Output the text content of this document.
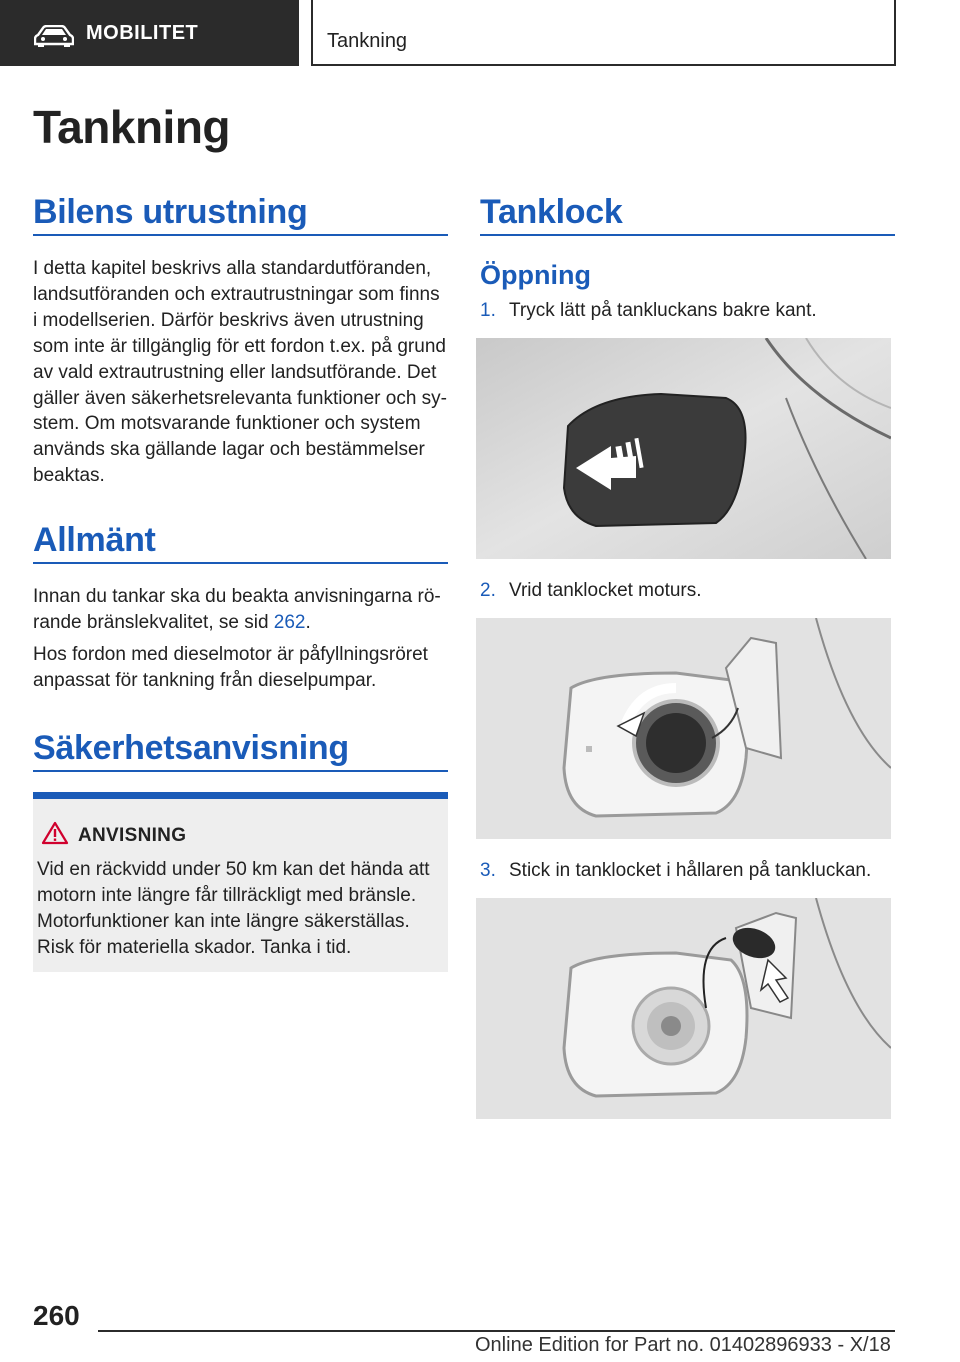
MOBILITET	Tankning
Tankning
Bilens utrustning
I detta kapitel beskrivs alla standardutföranden,
landsutföranden och extrautrustningar som finns
i modellserien. Därför beskrivs även utrustning
som inte är tillgänglig för ett fordon t.ex. på grund
av vald extrautrustning eller landsutförande. Det
gäller även säkerhetsrelevanta funktioner och sy‐
stem. Om motsvarande funktioner och system
används ska gällande lagar och bestämmelser
beaktas.
Allmänt
Innan du tankar ska du beakta anvisningarna rö‐
rande bränslekvalitet, se sid 262.
Hos fordon med dieselmotor är påfyllningsröret
anpassat för tankning från dieselpumpar.
Säkerhetsanvisning
ANVISNING
Vid en räckvidd under 50 km kan det hända att
motorn inte längre får tillräckligt med bränsle.
Motorfunktioner kan inte längre säkerställas.
Risk för materiella skador. Tanka i tid.
Tanklock
Öppning
1. Tryck lätt på tankluckans bakre kant.
2. Vrid tanklocket moturs.
3. Stick in tanklocket i hållaren på tankluckan.
260
Online Edition for Part no. 01402896933 - X/18
